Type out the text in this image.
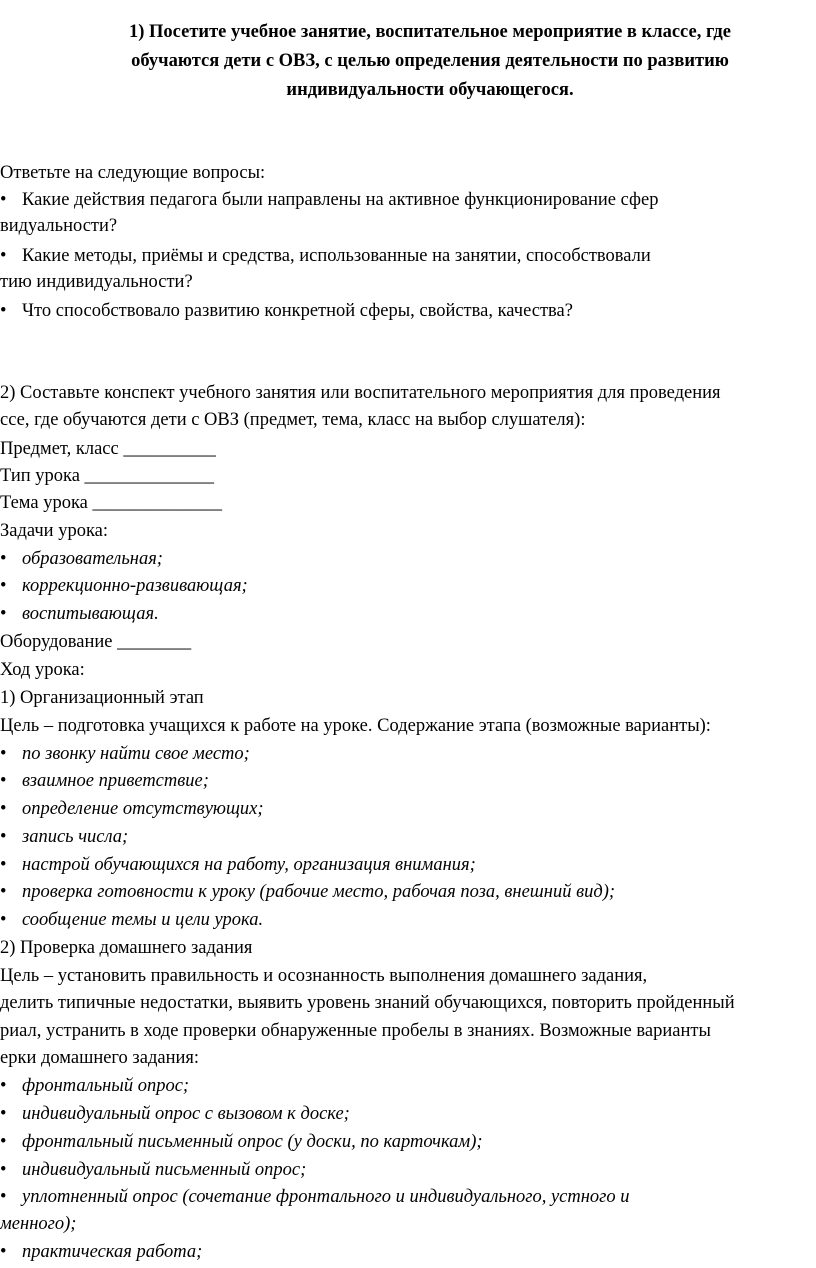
1) Посетите учебное занятие, воспитательное мероприятие в классе, где
обучаются дети с ОВЗ, с целью определения деятельности по развитию
индивидуальности обучающегося.

Ответьте на следующие вопросы:

• Какие действия педагога были направлены на активное функционирование сфер

видуальности?

• Какие методы, приёмы и средства, использованные на занятии, способствовали

тию индивидуальности?

• Что способствовало развитию конкретной сферы, свойства, качества?

2) Составьте конспект учебного занятия или воспитательного мероприятия для проведения

ссе, где обучаются дети с ОВЗ (предмет, тема, класс на выбор слушателя):

Предмет, класс __________

Тип урока ______________

Тема урока ______________

Задачи урока:

• образовательная;

• коррекционно-развивающая;

• воспитывающая.

Оборудование ________

Ход урока:

1) Организационный этап

Цель – подготовка учащихся к работе на уроке. Содержание этапа (возможные варианты):

• по звонку найти свое место;

• взаимное приветствие;

• определение отсутствующих;

• запись числа;

• настрой обучающихся на работу, организация внимания;

• проверка готовности к уроку (рабочие место, рабочая поза, внешний вид);

• сообщение темы и цели урока.

2) Проверка домашнего задания

Цель – установить правильность и осознанность выполнения домашнего задания,

делить типичные недостатки, выявить уровень знаний обучающихся, повторить пройденный

риал, устранить в ходе проверки обнаруженные пробелы в знаниях. Возможные варианты

ерки домашнего задания:

• фронтальный опрос;

• индивидуальный опрос с вызовом к доске;

• фронтальный письменный опрос (у доски, по карточкам);

• индивидуальный письменный опрос;

• уплотненный опрос (сочетание фронтального и индивидуального, устного и

менного);

• практическая работа;
